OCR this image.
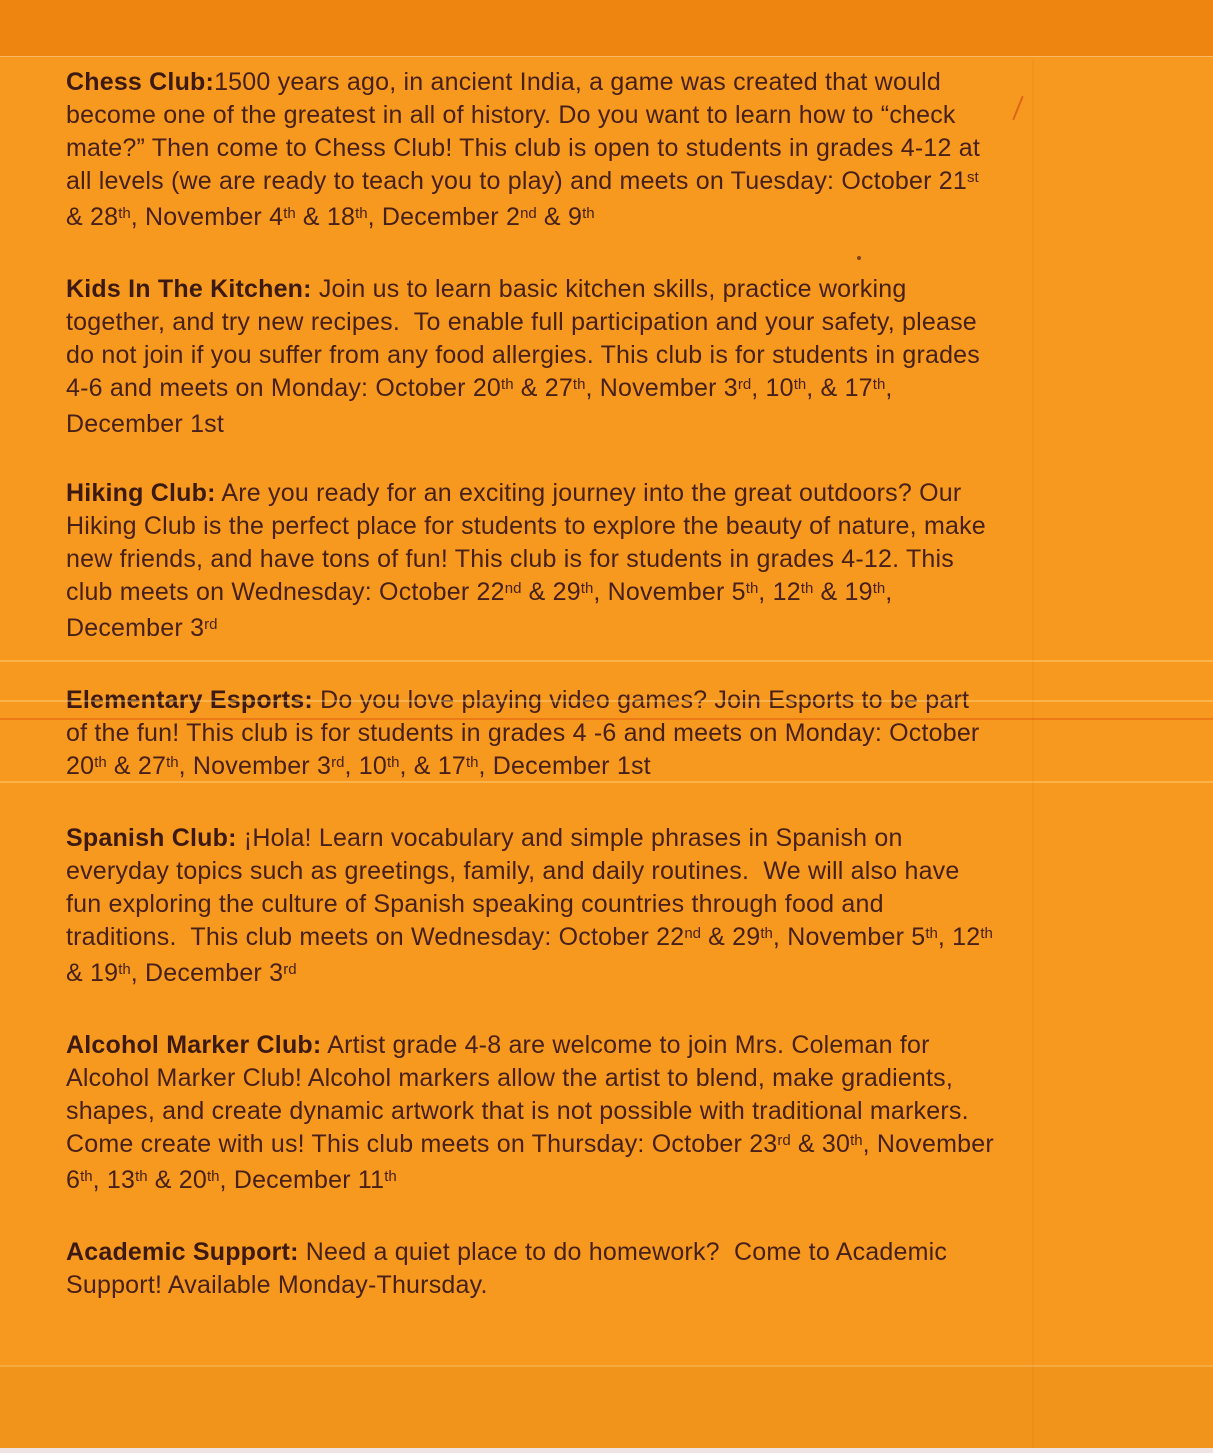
Chess Club:1500 years ago, in ancient India, a game was created that would become one of the greatest in all of history. Do you want to learn how to “check mate?” Then come to Chess Club! This club is open to students in grades 4-12 at all levels (we are ready to teach you to play) and meets on Tuesday: October 21st & 28th, November 4th & 18th, December 2nd & 9th

Kids In The Kitchen: Join us to learn basic kitchen skills, practice working together, and try new recipes.  To enable full participation and your safety, please do not join if you suffer from any food allergies. This club is for students in grades 4-6 and meets on Monday: October 20th & 27th, November 3rd, 10th, & 17th, December 1st

Hiking Club: Are you ready for an exciting journey into the great outdoors? Our Hiking Club is the perfect place for students to explore the beauty of nature, make new friends, and have tons of fun! This club is for students in grades 4-12. This club meets on Wednesday: October 22nd & 29th, November 5th, 12th & 19th, December 3rd

Elementary Esports: Do you love playing video games? Join Esports to be part of the fun! This club is for students in grades 4 -6 and meets on Monday: October 20th & 27th, November 3rd, 10th, & 17th, December 1st

Spanish Club: ¡Hola! Learn vocabulary and simple phrases in Spanish on everyday topics such as greetings, family, and daily routines.  We will also have fun exploring the culture of Spanish speaking countries through food and traditions.  This club meets on Wednesday: October 22nd & 29th, November 5th, 12th & 19th, December 3rd

Alcohol Marker Club: Artist grade 4-8 are welcome to join Mrs. Coleman for Alcohol Marker Club! Alcohol markers allow the artist to blend, make gradients, shapes, and create dynamic artwork that is not possible with traditional markers. Come create with us! This club meets on Thursday: October 23rd & 30th, November 6th, 13th & 20th, December 11th

Academic Support: Need a quiet place to do homework?  Come to Academic Support! Available Monday-Thursday.
